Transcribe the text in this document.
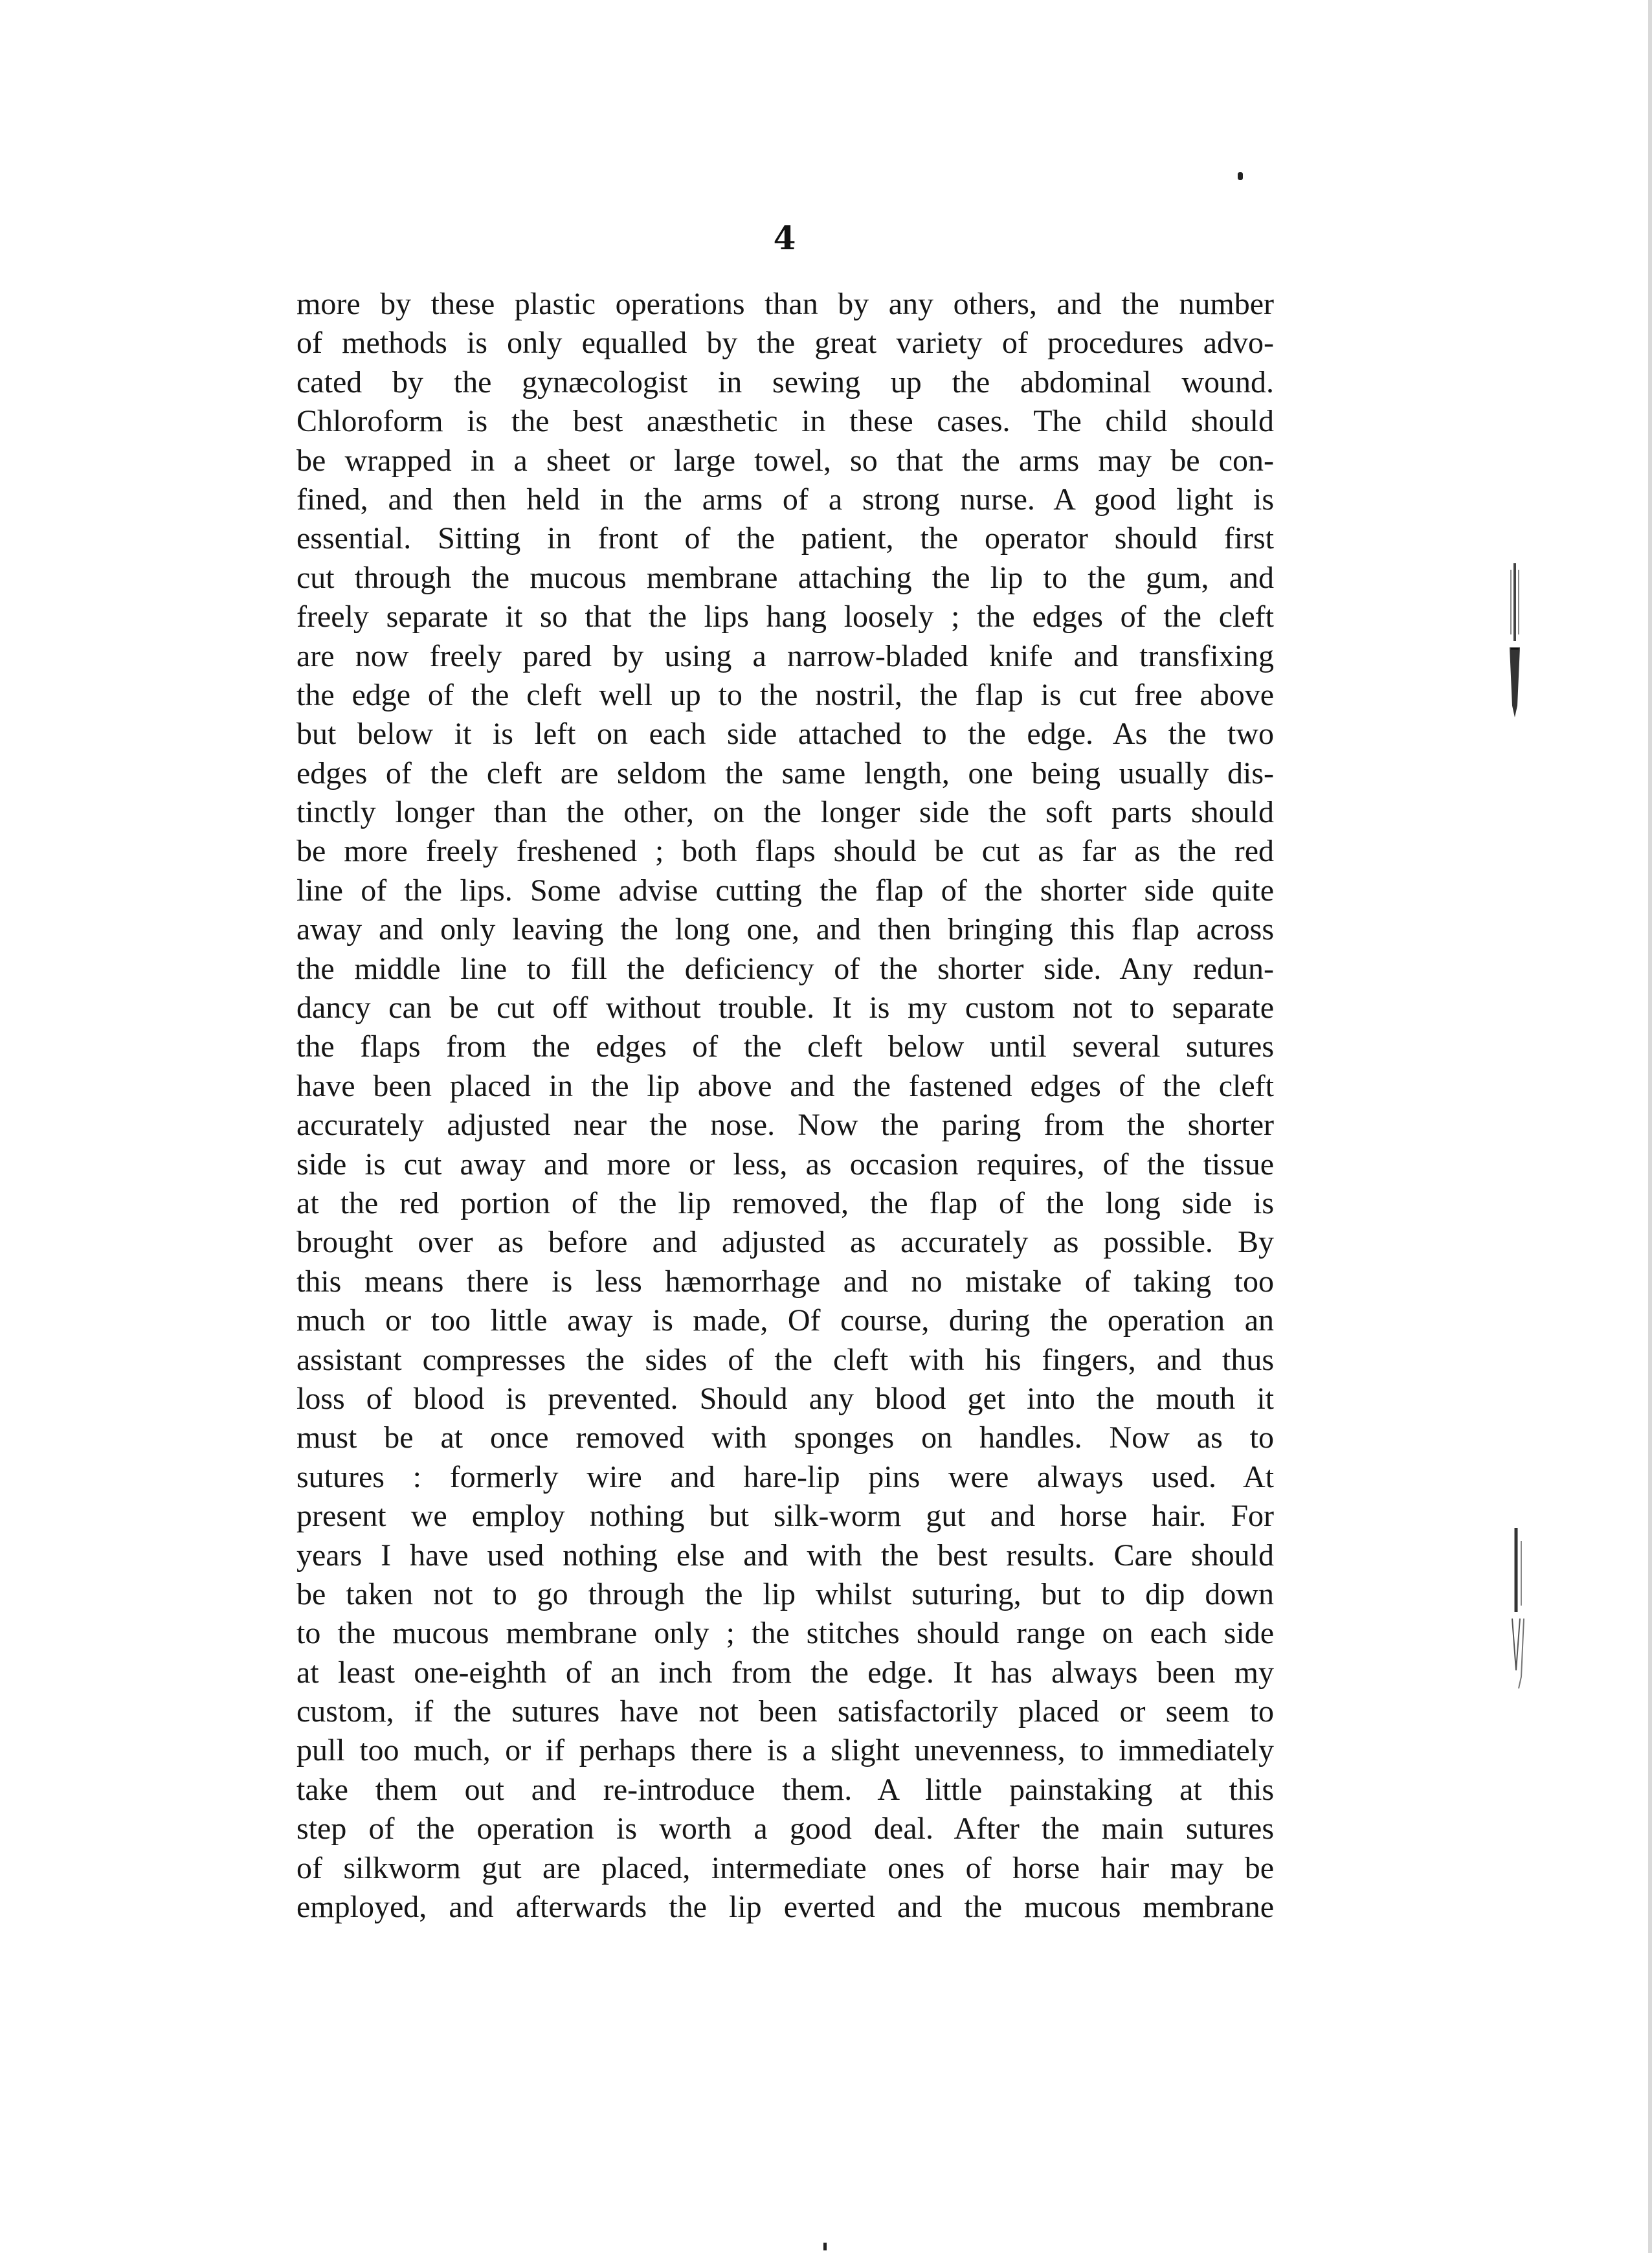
4
more by these plastic operations than by any others, and the number
of methods is only equalled by the great variety of procedures advo-
cated by the gynæcologist in sewing up the abdominal wound.
Chloroform is the best anæsthetic in these cases. The child should
be wrapped in a sheet or large towel, so that the arms may be con-
fined, and then held in the arms of a strong nurse. A good light is
essential. Sitting in front of the patient, the operator should first
cut through the mucous membrane attaching the lip to the gum, and
freely separate it so that the lips hang loosely ; the edges of the cleft
are now freely pared by using a narrow-bladed knife and transfixing
the edge of the cleft well up to the nostril, the flap is cut free above
but below it is left on each side attached to the edge. As the two
edges of the cleft are seldom the same length, one being usually dis-
tinctly longer than the other, on the longer side the soft parts should
be more freely freshened ; both flaps should be cut as far as the red
line of the lips. Some advise cutting the flap of the shorter side quite
away and only leaving the long one, and then bringing this flap across
the middle line to fill the deficiency of the shorter side. Any redun-
dancy can be cut off without trouble. It is my custom not to separate
the flaps from the edges of the cleft below until several sutures
have been placed in the lip above and the fastened edges of the cleft
accurately adjusted near the nose. Now the paring from the shorter
side is cut away and more or less, as occasion requires, of the tissue
at the red portion of the lip removed, the flap of the long side is
brought over as before and adjusted as accurately as possible. By
this means there is less hæmorrhage and no mistake of taking too
much or too little away is made, Of course, during the operation an
assistant compresses the sides of the cleft with his fingers, and thus
loss of blood is prevented. Should any blood get into the mouth it
must be at once removed with sponges on handles. Now as to
sutures : formerly wire and hare-lip pins were always used. At
present we employ nothing but silk-worm gut and horse hair. For
years I have used nothing else and with the best results. Care should
be taken not to go through the lip whilst suturing, but to dip down
to the mucous membrane only ; the stitches should range on each side
at least one-eighth of an inch from the edge. It has always been my
custom, if the sutures have not been satisfactorily placed or seem to
pull too much, or if perhaps there is a slight unevenness, to immediately
take them out and re-introduce them. A little painstaking at this
step of the operation is worth a good deal. After the main sutures
of silkworm gut are placed, intermediate ones of horse hair may be
employed, and afterwards the lip everted and the mucous membrane
